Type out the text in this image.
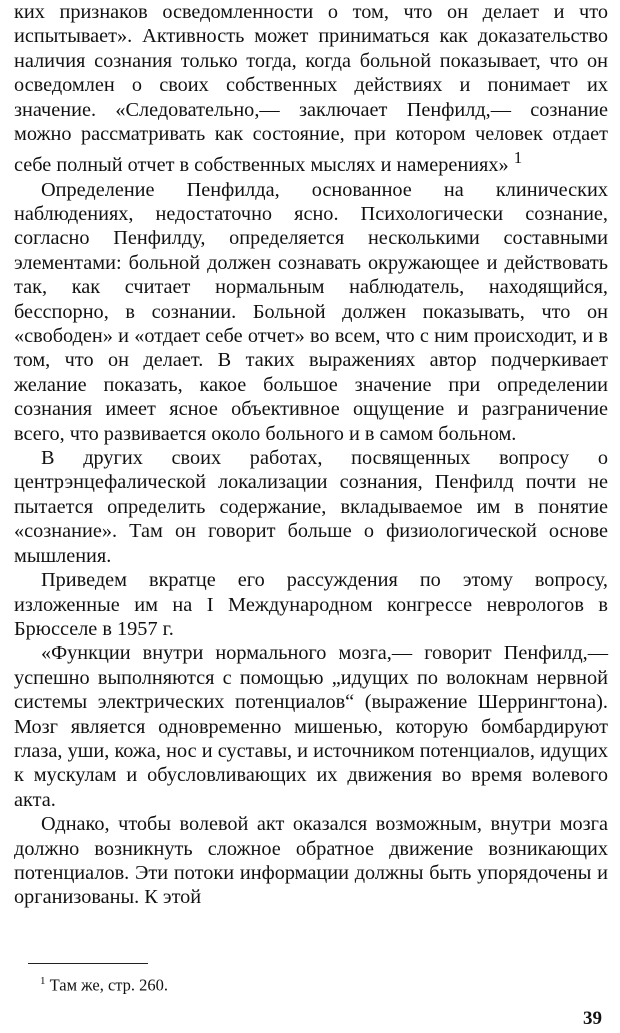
ких признаков осведомленности о том, что он делает и что испытывает». Активность может приниматься как доказательство наличия сознания только тогда, когда больной показывает, что он осведомлен о своих собственных действиях и понимает их значение. «Следовательно,— заключает Пенфилд,— сознание можно рассматривать как состояние, при котором человек отдает себе полный отчет в собственных мыслях и намерениях» $^1$

Определение Пенфилда, основанное на клинических наблюдениях, недостаточно ясно. Психологически сознание, согласно Пенфилду, определяется несколькими составными элементами: больной должен сознавать окружающее и действовать так, как считает нормальным наблюдатель, находящийся, бесспорно, в сознании. Больной должен показывать, что он «свободен» и «отдает себе отчет» во всем, что с ним происходит, и в том, что он делает. В таких выражениях автор подчеркивает желание показать, какое большое значение при определении сознания имеет ясное объективное ощущение и разграничение всего, что развивается около больного и в самом больном.

В других своих работах, посвященных вопросу о центрэнцефалической локализации сознания, Пенфилд почти не пытается определить содержание, вкладываемое им в понятие «сознание». Там он говорит больше о физиологической основе мышления.

Приведем вкратце его рассуждения по этому вопросу, изложенные им на I Международном конгрессе неврологов в Брюсселе в 1957 г.

«Функции внутри нормального мозга,— говорит Пенфилд,— успешно выполняются с помощью „идущих по волокнам нервной системы электрических потенциалов“ (выражение Шеррингтона). Мозг является одновременно мишенью, которую бомбардируют глаза, уши, кожа, нос и суставы, и источником потенциалов, идущих к мускулам и обусловливающих их движения во время волевого акта.

Однако, чтобы волевой акт оказался возможным, внутри мозга должно возникнуть сложное обратное движение возникающих потенциалов. Эти потоки информации должны быть упорядочены и организованы. К этой

$^1$ Там же, стр. 260.
39
